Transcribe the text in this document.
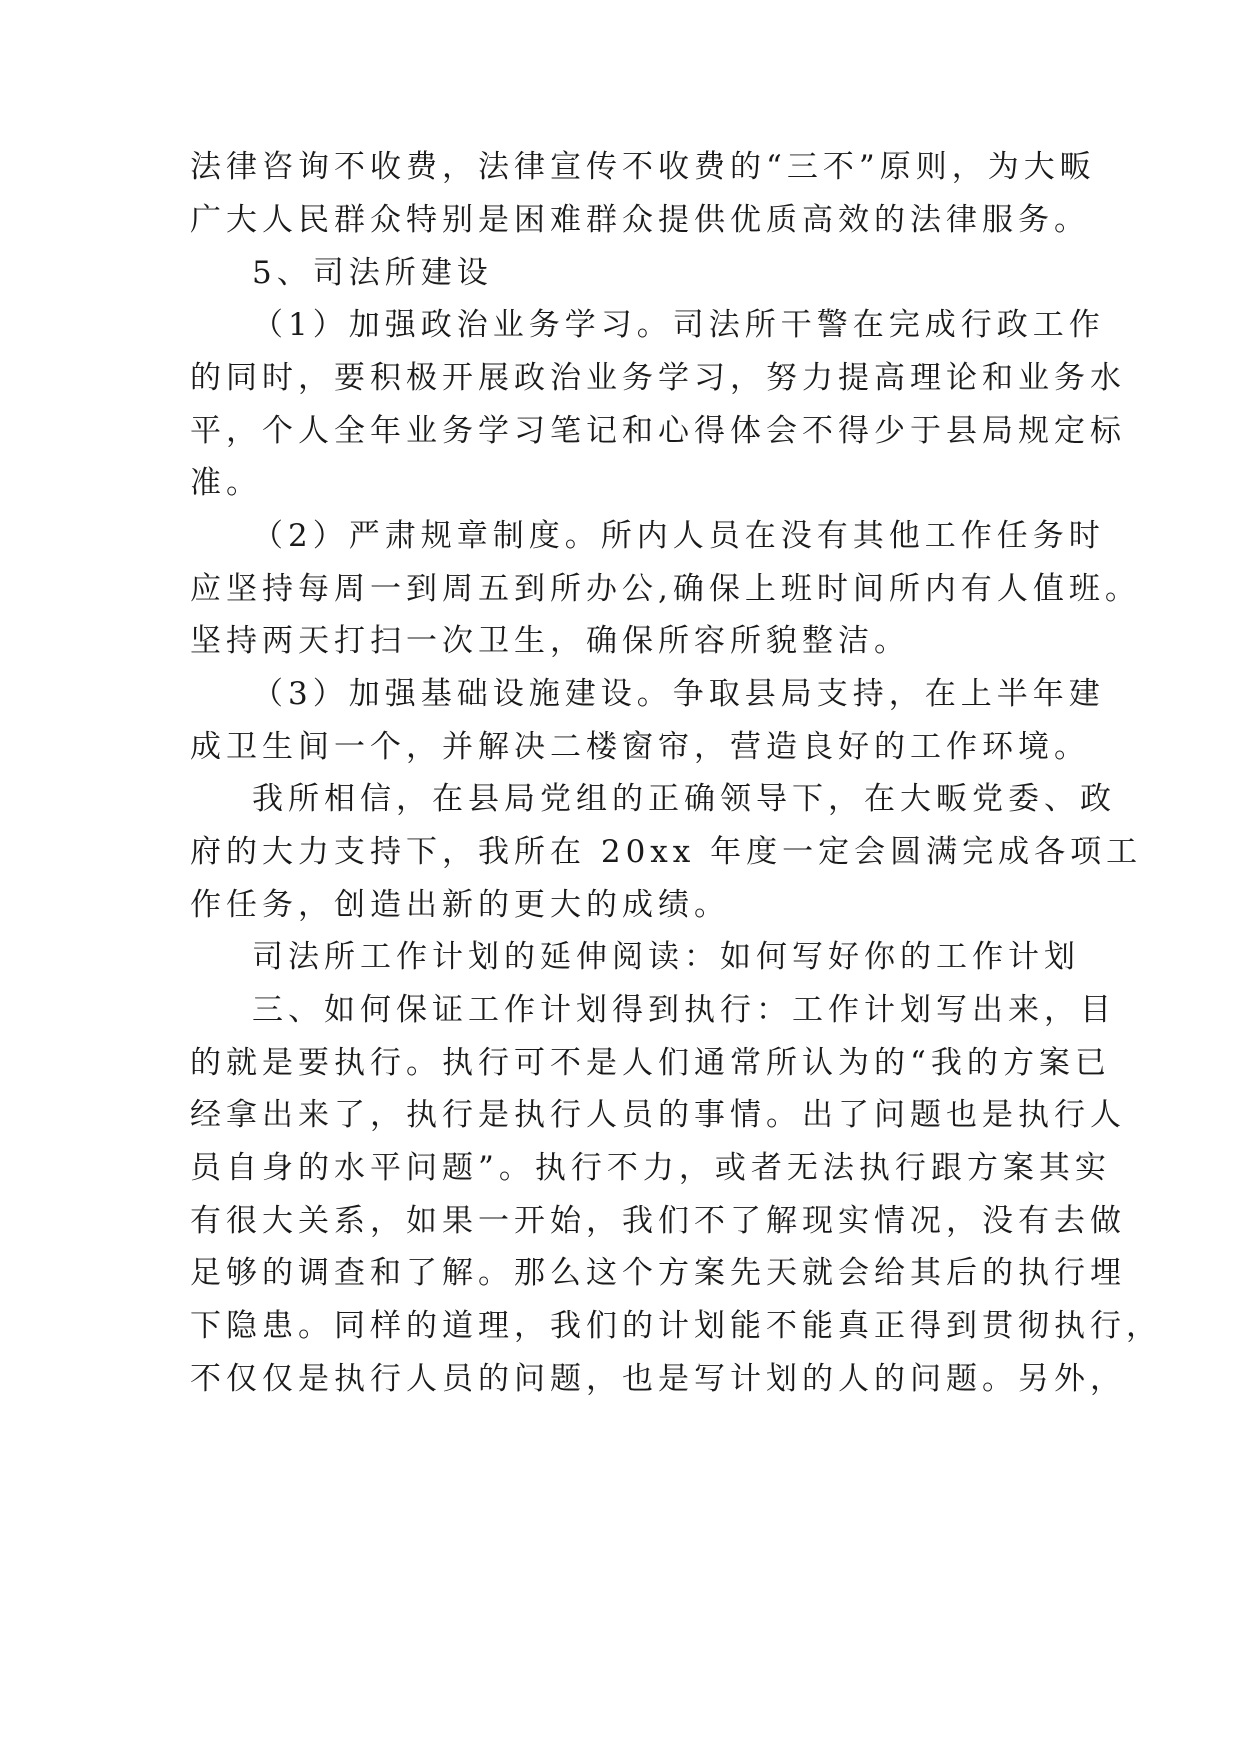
法律咨询不收费，法律宣传不收费的“三不”原则，为大畈
广大人民群众特别是困难群众提供优质高效的法律服务。
5、司法所建设
（1）加强政治业务学习。司法所干警在完成行政工作
的同时，要积极开展政治业务学习，努力提高理论和业务水
平，个人全年业务学习笔记和心得体会不得少于县局规定标
准。
（2）严肃规章制度。所内人员在没有其他工作任务时
应坚持每周一到周五到所办公,确保上班时间所内有人值班。
坚持两天打扫一次卫生，确保所容所貌整洁。
（3）加强基础设施建设。争取县局支持，在上半年建
成卫生间一个，并解决二楼窗帘，营造良好的工作环境。
我所相信，在县局党组的正确领导下，在大畈党委、政
府的大力支持下，我所在 20xx 年度一定会圆满完成各项工
作任务，创造出新的更大的成绩。
司法所工作计划的延伸阅读：如何写好你的工作计划
三、如何保证工作计划得到执行：工作计划写出来，目
的就是要执行。执行可不是人们通常所认为的“我的方案已
经拿出来了，执行是执行人员的事情。出了问题也是执行人
员自身的水平问题”。执行不力，或者无法执行跟方案其实
有很大关系，如果一开始，我们不了解现实情况，没有去做
足够的调查和了解。那么这个方案先天就会给其后的执行埋
下隐患。同样的道理，我们的计划能不能真正得到贯彻执行，
不仅仅是执行人员的问题，也是写计划的人的问题。另外，
